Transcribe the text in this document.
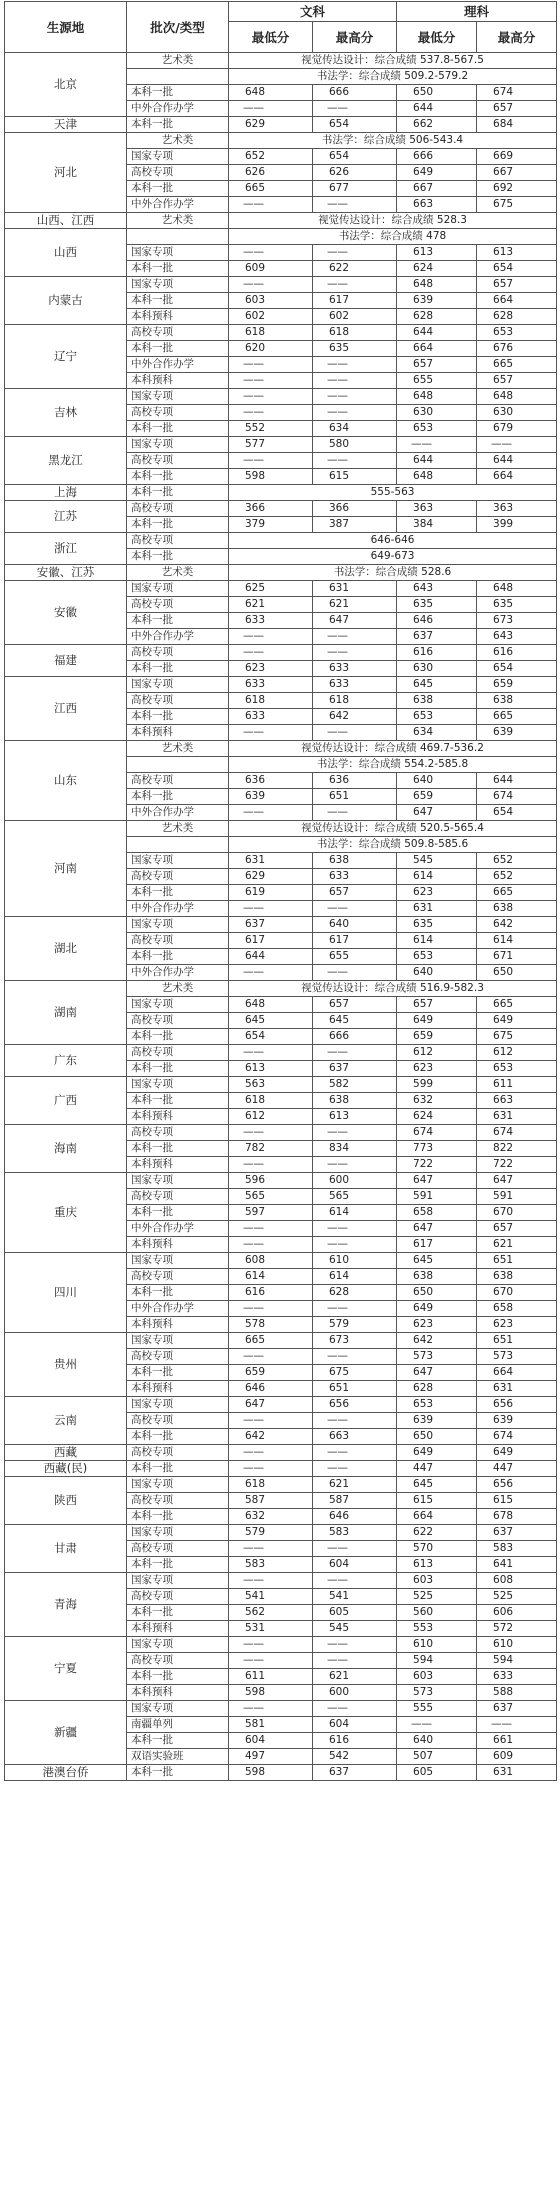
生源地	批次/类型	文科		理科	
		最低分	最高分	最低分	最高分
北京	艺术类	视觉传达设计：综合成绩 537.8-567.5			
		书法学：综合成绩 509.2-579.2			
	本科一批	648	666	650	674
	中外合作办学	——	——	644	657
天津	本科一批	629	654	662	684
河北	艺术类	书法学：综合成绩 506-543.4			
	国家专项	652	654	666	669
	高校专项	626	626	649	667
	本科一批	665	677	667	692
	中外合作办学	——	——	663	675
山西、江西	艺术类	视觉传达设计：综合成绩 528.3			
山西		书法学：综合成绩 478			
	国家专项	——	——	613	613
	本科一批	609	622	624	654
内蒙古	国家专项	——	——	648	657
	本科一批	603	617	639	664
	本科预科	602	602	628	628
辽宁	高校专项	618	618	644	653
	本科一批	620	635	664	676
	中外合作办学	——	——	657	665
	本科预科	——	——	655	657
吉林	国家专项	——	——	648	648
	高校专项	——	——	630	630
	本科一批	552	634	653	679
黑龙江	国家专项	577	580	——	——
	高校专项	——	——	644	644
	本科一批	598	615	648	664
上海	本科一批	555-563			
江苏	高校专项	366	366	363	363
	本科一批	379	387	384	399
浙江	高校专项	646-646			
	本科一批	649-673			
安徽、江苏	艺术类	书法学：综合成绩 528.6			
安徽	国家专项	625	631	643	648
	高校专项	621	621	635	635
	本科一批	633	647	646	673
	中外合作办学	——	——	637	643
福建	高校专项	——	——	616	616
	本科一批	623	633	630	654
江西	国家专项	633	633	645	659
	高校专项	618	618	638	638
	本科一批	633	642	653	665
	本科预科	——	——	634	639
山东	艺术类	视觉传达设计：综合成绩 469.7-536.2			
		书法学：综合成绩 554.2-585.8			
	高校专项	636	636	640	644
	本科一批	639	651	659	674
	中外合作办学	——	——	647	654
河南	艺术类	视觉传达设计：综合成绩 520.5-565.4			
		书法学：综合成绩 509.8-585.6			
	国家专项	631	638	545	652
	高校专项	629	633	614	652
	本科一批	619	657	623	665
	中外合作办学	——	——	631	638
湖北	国家专项	637	640	635	642
	高校专项	617	617	614	614
	本科一批	644	655	653	671
	中外合作办学	——	——	640	650
湖南	艺术类	视觉传达设计：综合成绩 516.9-582.3			
	国家专项	648	657	657	665
	高校专项	645	645	649	649
	本科一批	654	666	659	675
广东	高校专项	——	——	612	612
	本科一批	613	637	623	653
广西	国家专项	563	582	599	611
	本科一批	618	638	632	663
	本科预科	612	613	624	631
海南	高校专项	——	——	674	674
	本科一批	782	834	773	822
	本科预科	——	——	722	722
重庆	国家专项	596	600	647	647
	高校专项	565	565	591	591
	本科一批	597	614	658	670
	中外合作办学	——	——	647	657
	本科预科	——	——	617	621
四川	国家专项	608	610	645	651
	高校专项	614	614	638	638
	本科一批	616	628	650	670
	中外合作办学	——	——	649	658
	本科预科	578	579	623	623
贵州	国家专项	665	673	642	651
	高校专项	——	——	573	573
	本科一批	659	675	647	664
	本科预科	646	651	628	631
云南	国家专项	647	656	653	656
	高校专项	——	——	639	639
	本科一批	642	663	650	674
西藏	高校专项	——	——	649	649
西藏(民)	本科一批	——	——	447	447
陕西	国家专项	618	621	645	656
	高校专项	587	587	615	615
	本科一批	632	646	664	678
甘肃	国家专项	579	583	622	637
	高校专项	——	——	570	583
	本科一批	583	604	613	641
青海	国家专项	——	——	603	608
	高校专项	541	541	525	525
	本科一批	562	605	560	606
	本科预科	531	545	553	572
宁夏	国家专项	——	——	610	610
	高校专项	——	——	594	594
	本科一批	611	621	603	633
	本科预科	598	600	573	588
新疆	国家专项	——	——	555	637
	南疆单列	581	604	——	——
	本科一批	604	616	640	661
	双语实验班	497	542	507	609
港澳台侨	本科一批	598	637	605	631
